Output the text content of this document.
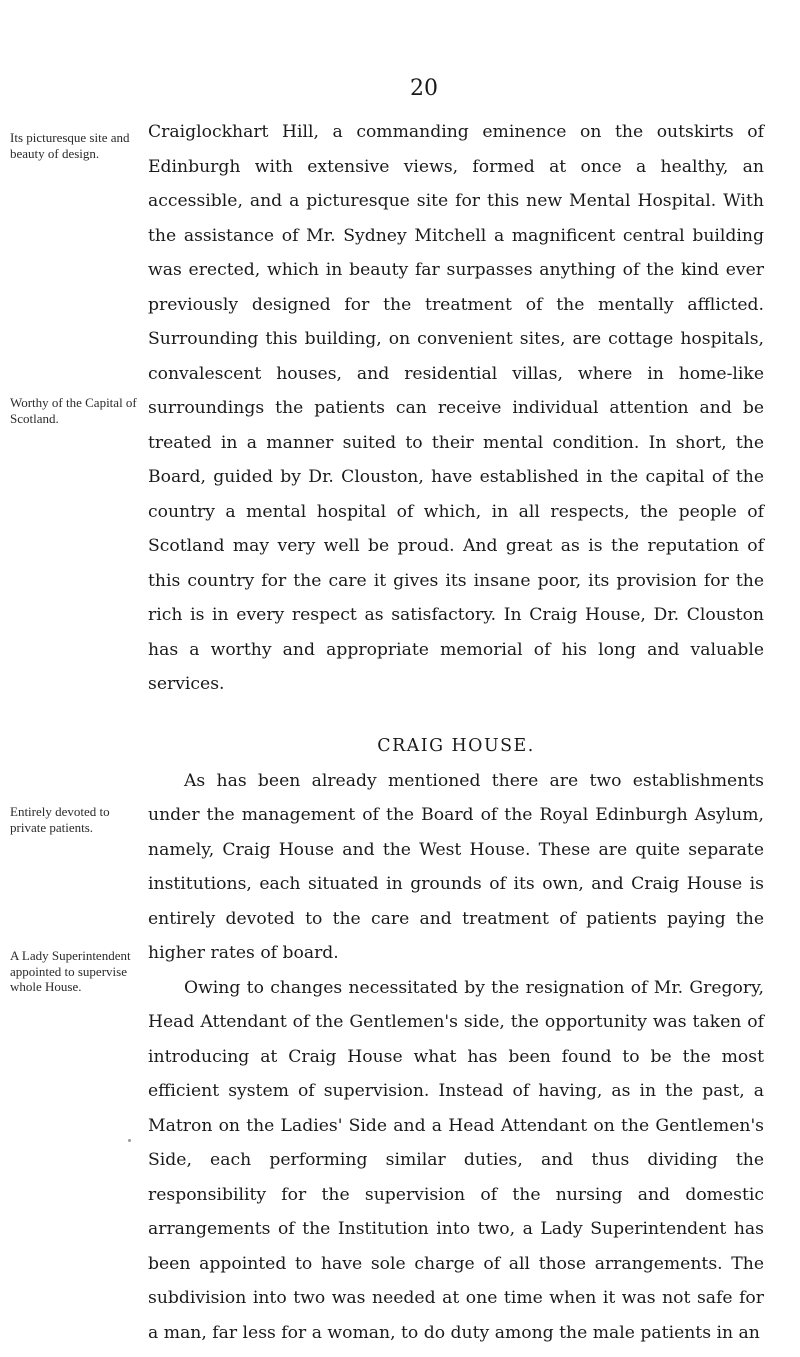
20
Its picturesque site and beauty of design.
Worthy of the Capital of Scotland.
Entirely devoted to private patients.
A Lady Superintendent appointed to supervise whole House.

Craiglockhart Hill, a commanding eminence on the outskirts of Edinburgh with extensive views, formed at once a healthy, an accessible, and a picturesque site for this new Mental Hospital. With the assistance of Mr. Sydney Mitchell a magnificent central building was erected, which in beauty far surpasses anything of the kind ever previously designed for the treatment of the mentally afflicted. Surrounding this building, on convenient sites, are cottage hospitals, convalescent houses, and residential villas, where in home-like surroundings the patients can receive individual attention and be treated in a manner suited to their mental condition. In short, the Board, guided by Dr. Clouston, have established in the capital of the country a mental hospital of which, in all respects, the people of Scotland may very well be proud. And great as is the reputation of this country for the care it gives its insane poor, its provision for the rich is in every respect as satisfactory. In Craig House, Dr. Clouston has a worthy and appropriate memorial of his long and valuable services.

CRAIG HOUSE.

As has been already mentioned there are two establishments under the management of the Board of the Royal Edinburgh Asylum, namely, Craig House and the West House. These are quite separate institutions, each situated in grounds of its own, and Craig House is entirely devoted to the care and treatment of patients paying the higher rates of board.

Owing to changes necessitated by the resignation of Mr. Gregory, Head Attendant of the Gentlemen's side, the opportunity was taken of introducing at Craig House what has been found to be the most efficient system of supervision. Instead of having, as in the past, a Matron on the Ladies' Side and a Head Attendant on the Gentlemen's Side, each performing similar duties, and thus dividing the responsibility for the supervision of the nursing and domestic arrangements of the Institution into two, a Lady Superintendent has been appointed to have sole charge of all those arrangements. The subdivision into two was needed at one time when it was not safe for a man, far less for a woman, to do duty among the male patients in an
